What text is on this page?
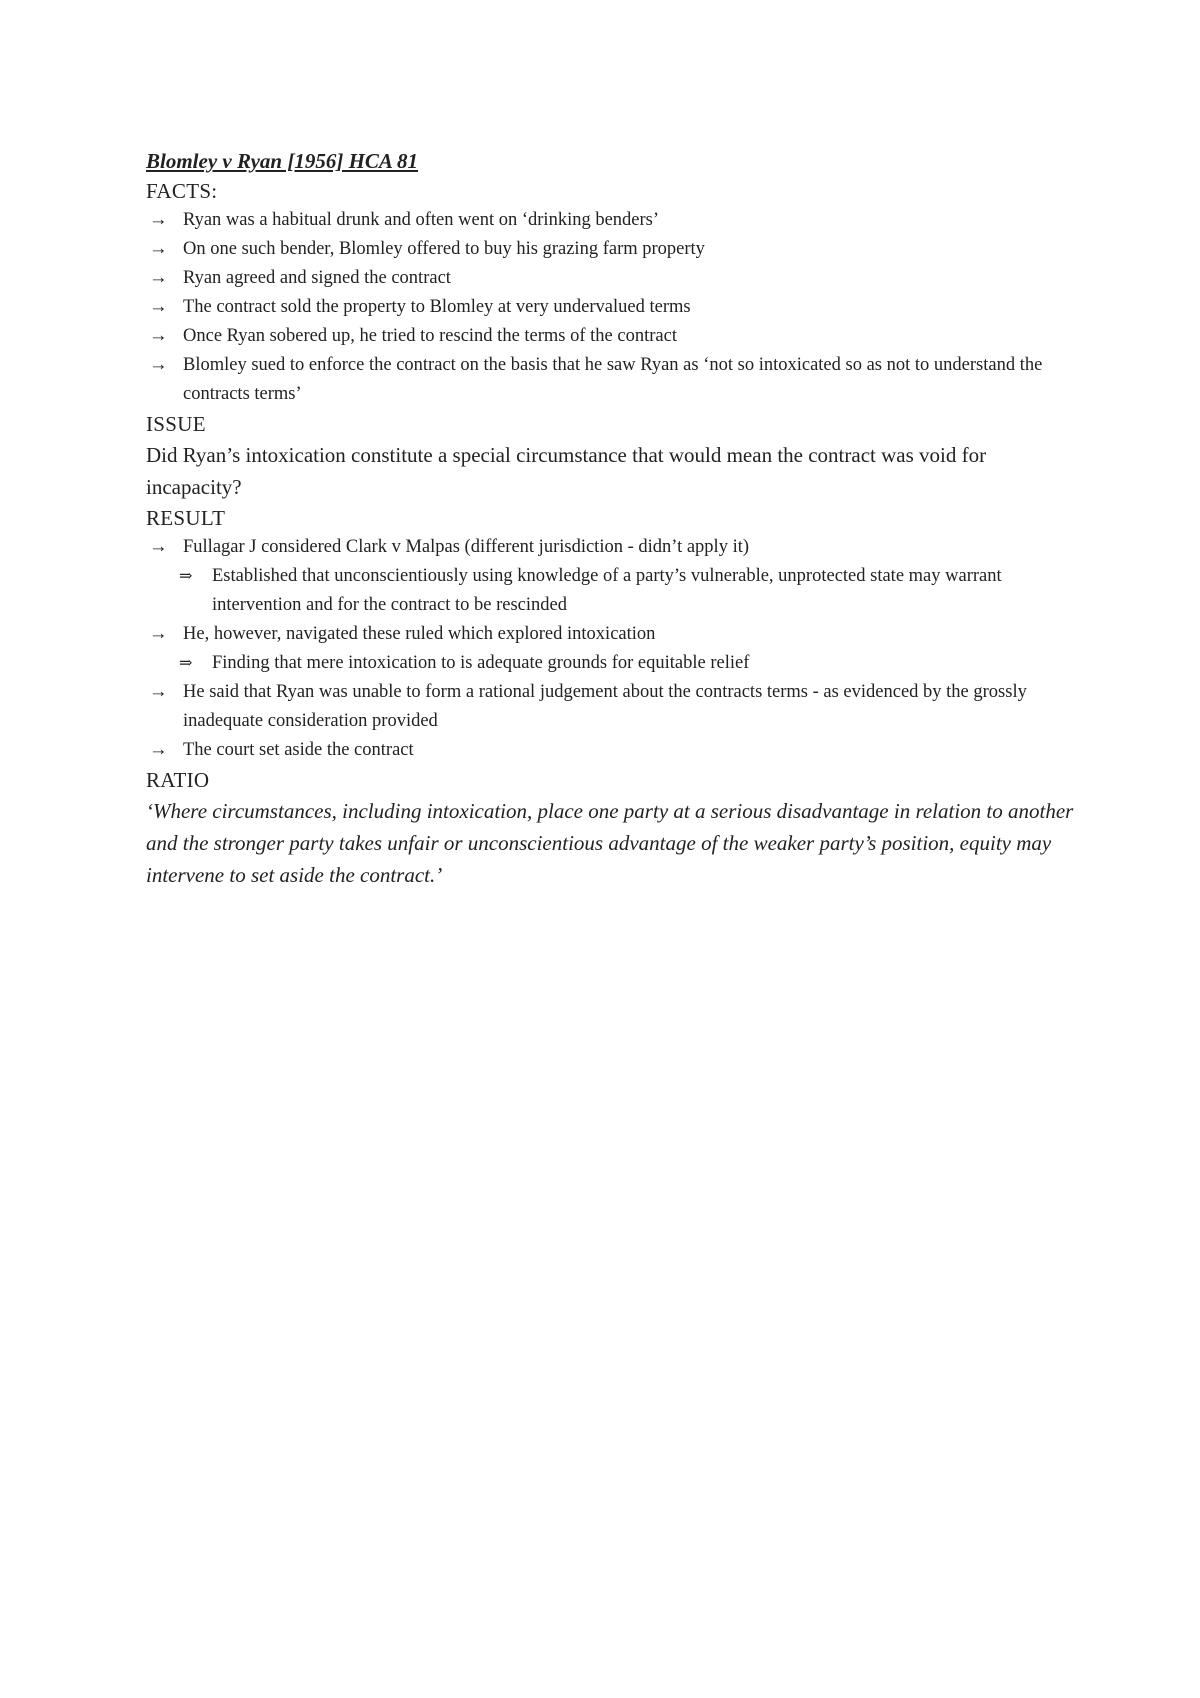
Blomley v Ryan [1956] HCA 81

FACTS:

→ Ryan was a habitual drunk and often went on ‘drinking benders’
→ On one such bender, Blomley offered to buy his grazing farm property
→ Ryan agreed and signed the contract
→ The contract sold the property to Blomley at very undervalued terms
→ Once Ryan sobered up, he tried to rescind the terms of the contract
→ Blomley sued to enforce the contract on the basis that he saw Ryan as ‘not so intoxicated so as not to understand the contracts terms’

ISSUE

Did Ryan’s intoxication constitute a special circumstance that would mean the contract was void for incapacity?

RESULT

→ Fullagar J considered Clark v Malpas (different jurisdiction - didn’t apply it)
⇒ Established that unconscientiously using knowledge of a party’s vulnerable, unprotected state may warrant intervention and for the contract to be rescinded
→ He, however, navigated these ruled which explored intoxication
⇒ Finding that mere intoxication to is adequate grounds for equitable relief
→ He said that Ryan was unable to form a rational judgement about the contracts terms - as evidenced by the grossly inadequate consideration provided
→ The court set aside the contract

RATIO

‘Where circumstances, including intoxication, place one party at a serious disadvantage in relation to another and the stronger party takes unfair or unconscientious advantage of the weaker party’s position, equity may intervene to set aside the contract.’
